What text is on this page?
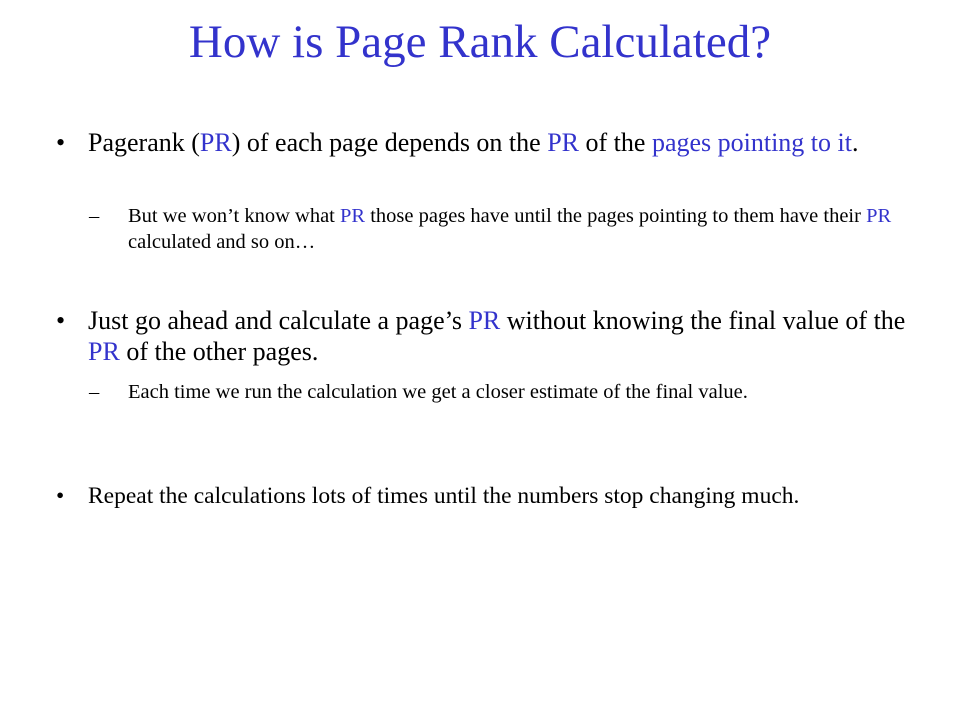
How is Page Rank Calculated?
• Pagerank (PR) of each page depends on the PR of the pages pointing to it.
–	But we won’t know what PR those pages have until the pages pointing to them have their PR calculated and so on…
• Just go ahead and calculate a page’s PR without knowing the final value of the PR of the other pages.
–	Each time we run the calculation we get a closer estimate of the final value.
•	Repeat the calculations lots of times until the numbers stop changing much.
